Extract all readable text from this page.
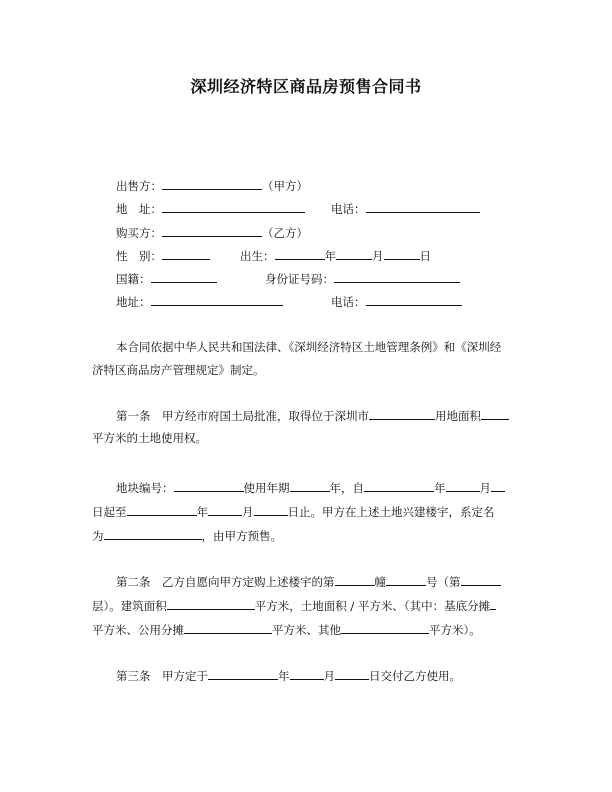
深圳经济特区商品房预售合同书
出售方：	（甲方）
地　址：	电话：
购买方：	（乙方）
性　别：	出生：	年	月	日
国籍：	身份证号码：
地址：	电话：
本合同依据中华人民共和国法律、《深圳经济特区土地管理条例》和《深圳经
济特区商品房产管理规定》制定。
第一条　甲方经市府国土局批准，取得位于深圳市	用地面积
平方米的土地使用权。
地块编号：	使用年期	年，自	年	月
日起至	年	月	日止。甲方在上述土地兴建楼宇，系定名
为	，由甲方预售。
第二条　乙方自愿向甲方定购上述楼宇的第	幢	号（第
层）。建筑面积	平方米，土地面积 / 平方米、（其中：基底分摊
平方米、公用分摊	平方米、其他	平方米）。
第三条　甲方定于	年	月	日交付乙方使用。
